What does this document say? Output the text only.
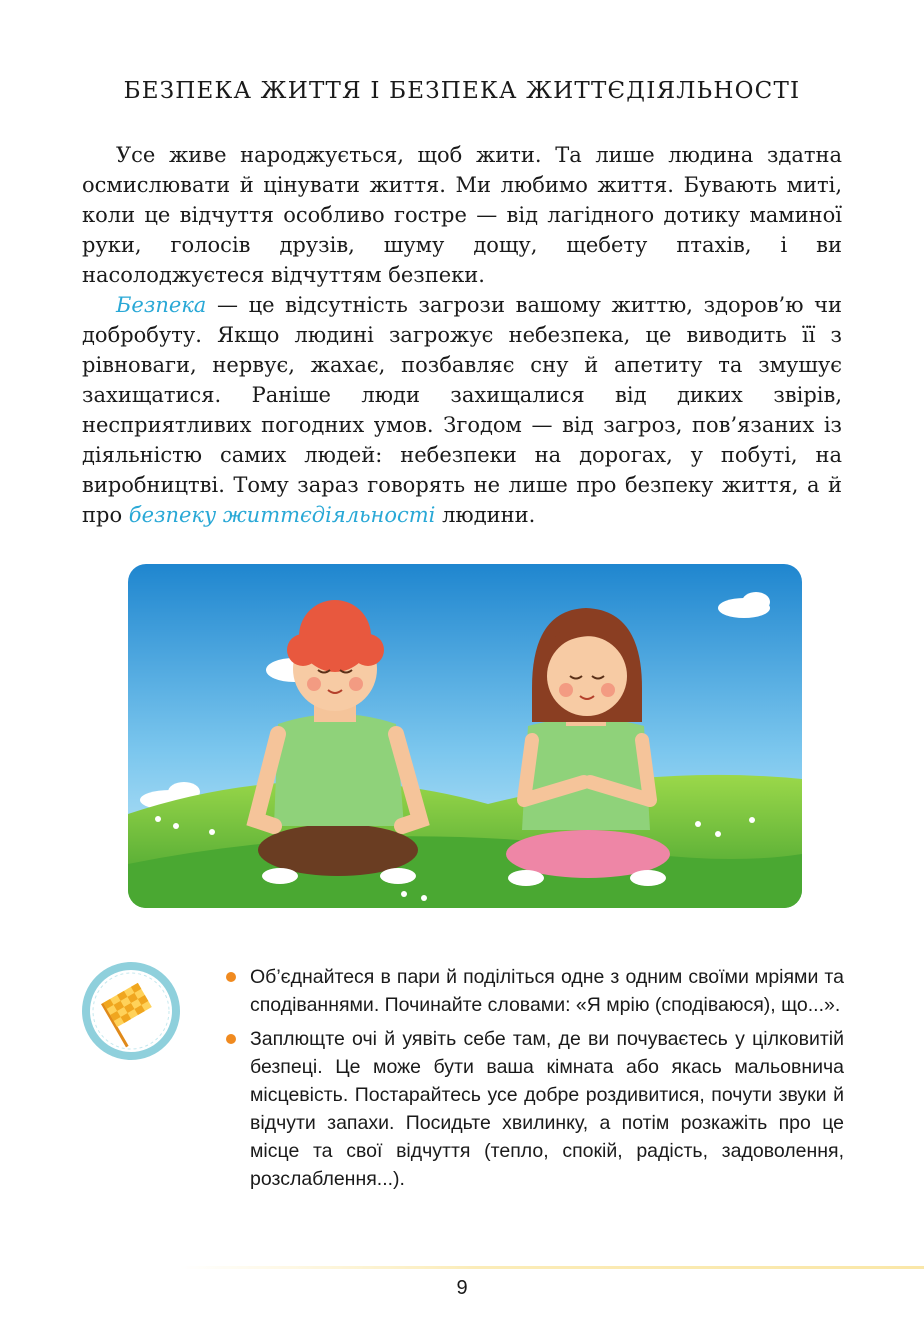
БЕЗПЕКА ЖИТТЯ І БЕЗПЕКА ЖИТТЄДІЯЛЬНОСТІ

Усе живе народжується, щоб жити. Та лише людина здатна осмислювати й цінувати життя. Ми любимо життя. Бувають миті, коли це відчуття особливо гостре — від лагідного дотику маминої руки, голосів друзів, шуму дощу, щебету птахів, і ви насолоджуєтеся відчуттям безпеки.

Безпека — це відсутність загрози вашому життю, здоров’ю чи добробуту. Якщо людині загрожує небезпека, це виводить її з рівноваги, нервує, жахає, позбавляє сну й апетиту та змушує захищатися. Раніше люди захищалися від диких звірів, несприятливих погодних умов. Згодом — від загроз, пов’язаних із діяльністю самих людей: небезпеки на дорогах, у побуті, на виробництві. Тому зараз говорять не лише про безпеку життя, а й про безпеку життєдіяльності людини.

Об’єднайтеся в пари й поділіться одне з одним своїми мріями та сподіваннями. Починайте словами: «Я мрію (сподіваюся), що...».
Заплющте очі й уявіть себе там, де ви почуваєтесь у цілковитій безпеці. Це може бути ваша кімната або якась мальовнича місцевість. Постарайтесь усе добре роздивитися, почути звуки й відчути запахи. Посидьте хвилинку, а потім розкажіть про це місце та свої відчуття (тепло, спокій, радість, задоволення, розслаблення...).
9
